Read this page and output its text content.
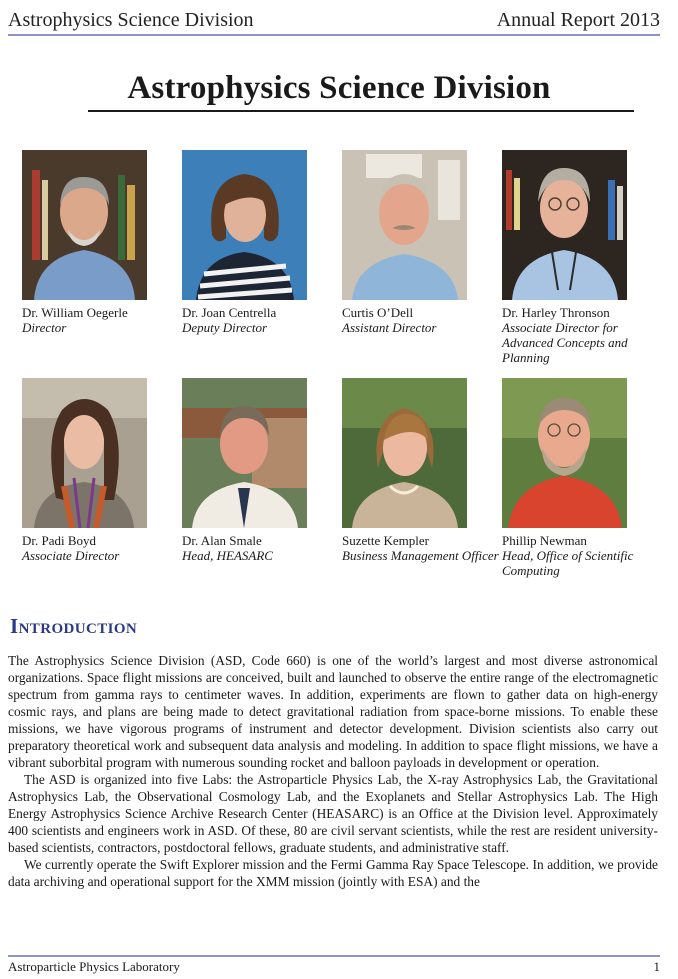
Astrophysics Science Division	Annual Report 2013
Astrophysics Science Division
Dr. William Oegerle
Director
Dr. Joan Centrella
Deputy Director
Curtis O’Dell
Assistant Director
Dr. Harley Thronson
Associate Director for Advanced Concepts and Planning
Dr. Padi Boyd
Associate Director
Dr. Alan Smale
Head, HEASARC
Suzette Kempler
Business Management Officer
Phillip Newman
Head, Office of Scientific Computing
Introduction

The Astrophysics Science Division (ASD, Code 660) is one of the world’s largest and most diverse astronomical organizations. Space flight missions are conceived, built and launched to observe the entire range of the electromagnetic spectrum from gamma rays to centimeter waves. In addition, experiments are flown to gather data on high-energy cosmic rays, and plans are being made to detect gravitational radiation from space-borne missions. To enable these missions, we have vigorous programs of instrument and detector development. Division scientists also carry out preparatory theoretical work and subsequent data analysis and modeling. In addition to space flight missions, we have a vibrant suborbital program with numerous sounding rocket and balloon payloads in development or operation.

The ASD is organized into five Labs: the Astroparticle Physics Lab, the X-ray Astrophysics Lab, the Gravitational Astrophysics Lab, the Observational Cosmology Lab, and the Exoplanets and Stellar Astrophysics Lab. The High Energy Astrophysics Science Archive Research Center (HEASARC) is an Office at the Division level. Approximately 400 scientists and engineers work in ASD. Of these, 80 are civil servant scientists, while the rest are resident university-based scientists, contractors, postdoctoral fellows, graduate students, and administrative staff.

We currently operate the Swift Explorer mission and the Fermi Gamma Ray Space Telescope. In addition, we provide data archiving and operational support for the XMM mission (jointly with ESA) and the

Astroparticle Physics Laboratory	1
